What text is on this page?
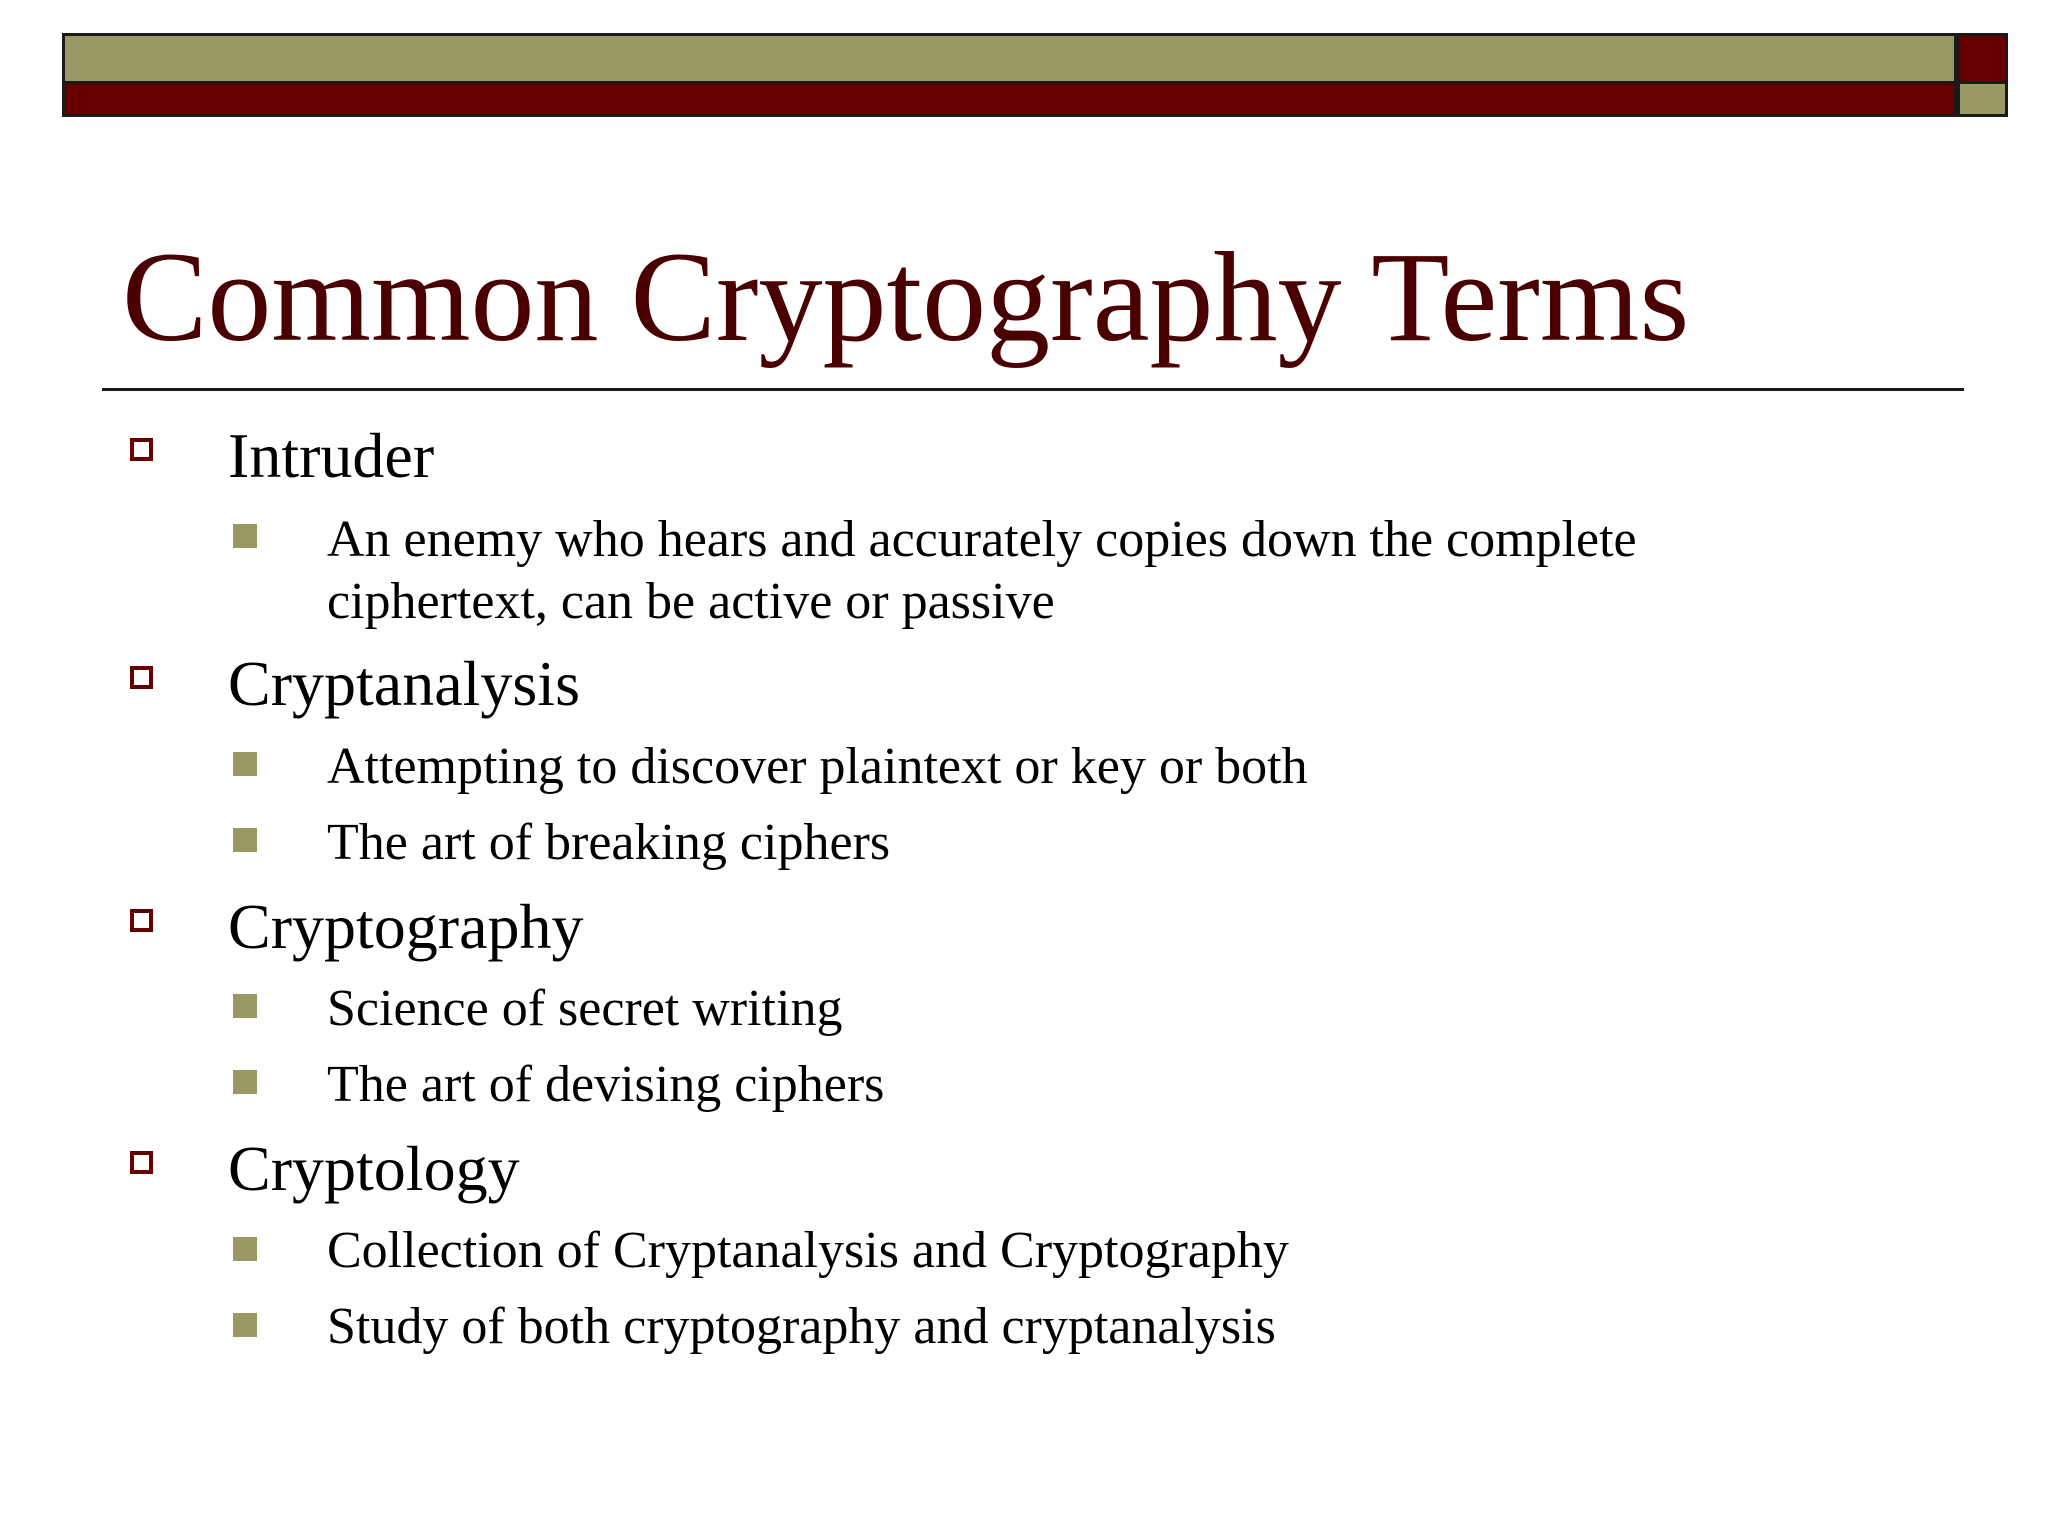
Common Cryptography Terms
Intruder
An enemy who hears and accurately copies down the complete ciphertext, can be active or passive
Cryptanalysis
Attempting to discover plaintext or key or both
The art of breaking ciphers
Cryptography
Science of secret writing
The art of devising ciphers
Cryptology
Collection of Cryptanalysis and Cryptography
Study of both cryptography and cryptanalysis
